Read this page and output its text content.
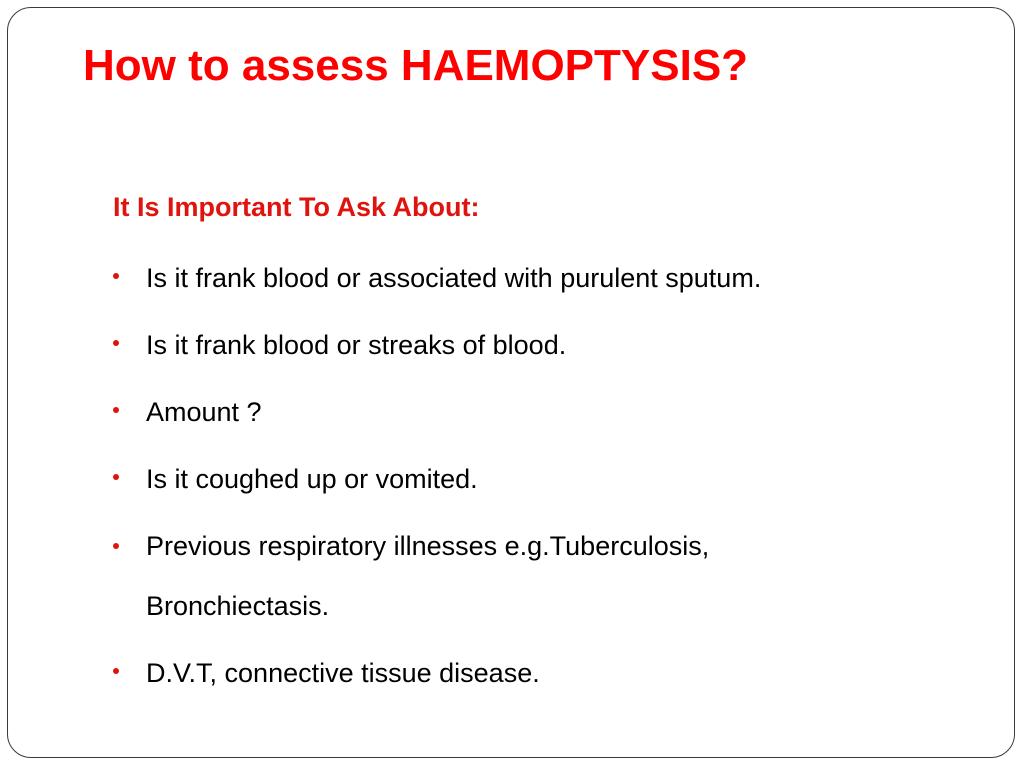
How to assess HAEMOPTYSIS?
It Is Important To Ask About:
Is it frank blood or associated with purulent sputum.
Is it frank blood or streaks of blood.
Amount ?
Is it coughed up or vomited.
Previous respiratory illnesses e.g.Tuberculosis, Bronchiectasis.
D.V.T, connective tissue disease.
